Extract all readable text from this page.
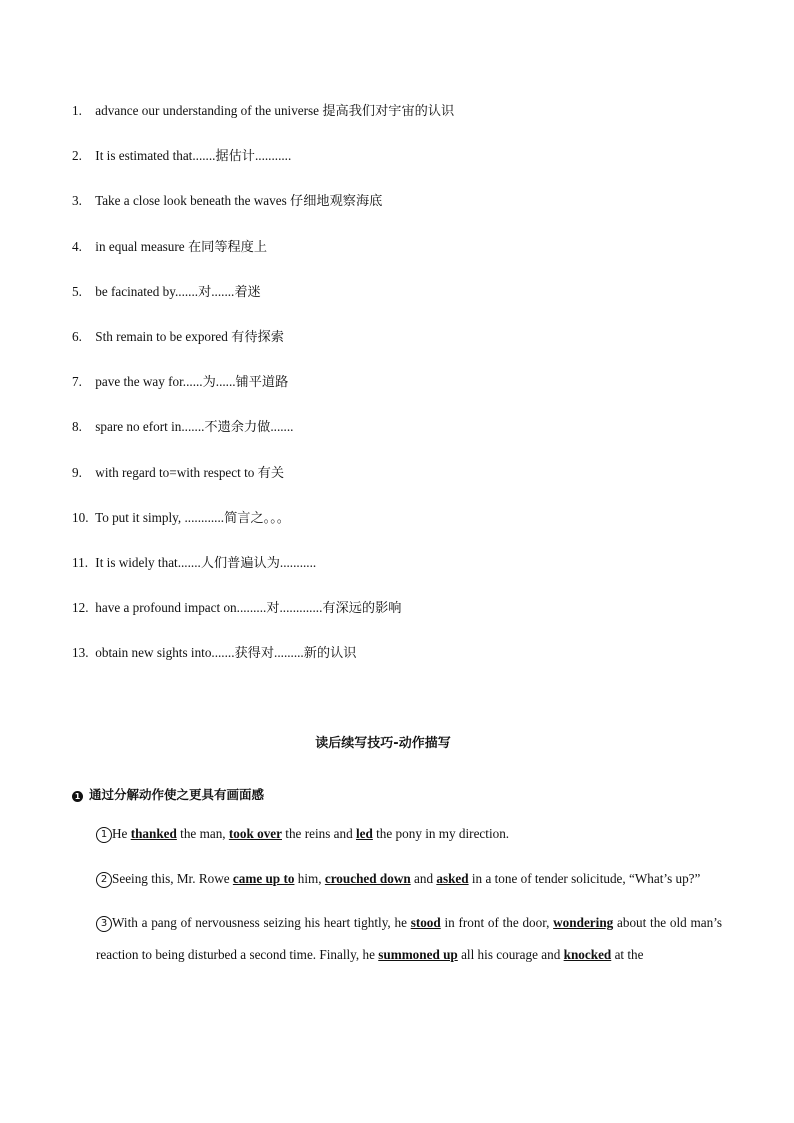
1. advance our understanding of the universe 提高我们对宇宙的认识
2. It is estimated that.......据估计...........
3. Take a close look beneath the waves 仔细地观察海底
4. in equal measure 在同等程度上
5. be facinated by.......对.......着迷
6. Sth remain to be expored 有待探索
7. pave the way for......为......铺平道路
8. spare no efort in.......不遗余力做.......
9. with regard to=with respect to 有关
10. To put it simply, ............简言之。。。
11. It is widely that.......人们普遍认为...........
12. have a profound impact on.........对.............有深远的影响
13. obtain new sights into.......获得对.........新的认识
读后续写技巧-动作描写
1 通过分解动作使之更具有画面感

1 He thanked the man, took over the reins and led the pony in my direction.

2 Seeing this, Mr. Rowe came up to him, crouched down and asked in a tone of tender solicitude, “What’s up?”

3 With a pang of nervousness seizing his heart tightly, he stood in front of the door, wondering about the old man’s reaction to being disturbed a second time. Finally, he summoned up all his courage and knocked at the
